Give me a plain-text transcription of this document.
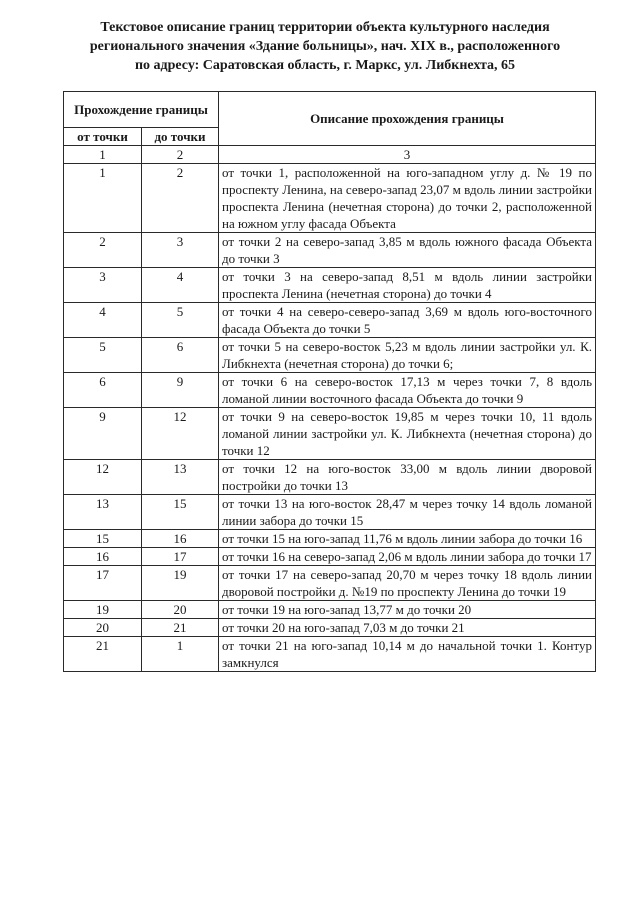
Текстовое описание границ территории объекта культурного наследия
регионального значения «Здание больницы», нач. XIX в., расположенного
по адресу: Саратовская область, г. Маркс, ул. Либкнехта, 65
Прохождение границы		Описание прохождения границы
от точки	до точки	
1	2	3
1	2	от точки 1, расположенной на юго-западном углу д. № 19 по проспекту Ленина, на северо-запад 23,07 м вдоль линии застройки проспекта Ленина (нечетная сторона) до точки 2, расположенной на южном углу фасада Объекта
2	3	от точки 2 на северо-запад 3,85 м вдоль южного фасада Объекта до точки 3
3	4	от точки 3 на северо-запад 8,51 м вдоль линии застройки проспекта Ленина (нечетная сторона) до точки 4
4	5	от точки 4 на северо-северо-запад 3,69 м вдоль юго-восточного фасада Объекта до точки 5
5	6	от точки 5 на северо-восток 5,23 м вдоль линии застройки ул. К. Либкнехта (нечетная сторона) до точки 6;
6	9	от точки 6 на северо-восток 17,13 м через точки 7, 8 вдоль ломаной линии восточного фасада Объекта до точки 9
9	12	от точки 9 на северо-восток 19,85 м через точки 10, 11 вдоль ломаной линии застройки ул. К. Либкнехта (нечетная сторона) до точки 12
12	13	от точки 12 на юго-восток 33,00 м вдоль линии дворовой постройки до точки 13
13	15	от точки 13 на юго-восток 28,47 м через точку 14 вдоль ломаной линии забора до точки 15
15	16	от точки 15 на юго-запад 11,76 м вдоль линии забора до точки 16
16	17	от точки 16 на северо-запад 2,06 м вдоль линии забора до точки 17
17	19	от точки 17 на северо-запад 20,70 м через точку 18 вдоль линии дворовой постройки д. №19 по проспекту Ленина до точки 19
19	20	от точки 19 на юго-запад 13,77 м до точки 20
20	21	от точки 20 на юго-запад 7,03 м до точки 21
21	1	от точки 21 на юго-запад 10,14 м до начальной точки 1. Контур замкнулся
